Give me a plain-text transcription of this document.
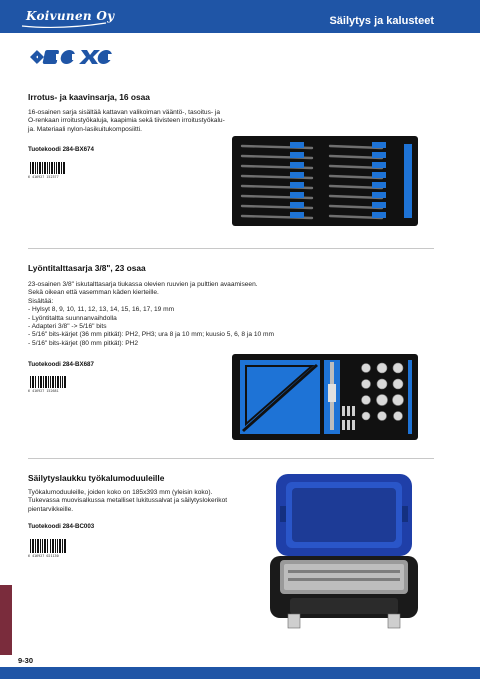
Koivunen Oy	Säilytys ja kalusteet
Irrotus- ja kaavinsarja, 16 osaa
16-osainen sarja sisältää kattavan valikoiman vääntö-, tasoitus- ja
O-renkaan irroitustyökaluja, kaapimia sekä tiivisteen irroitustyökalu-
ja. Materiaali nylon-lasikuitukomposiitti.
Tuotekoodi 284-BX674
6 416927 152377
Lyöntitalttasarja 3/8", 23 osaa
23-osainen 3/8" iskutalttasarja tiukassa olevien ruuvien ja pulttien avaamiseen.
Sekä oikean että vasemman käden kierteille.
Sisältää:
- Hylsyt 8, 9, 10, 11, 12, 13, 14, 15, 16, 17, 19 mm
- Lyöntitaltta suunnanvaihdolla
- Adapteri 3/8" -> 5/16" bits
- 5/16" bits-kärjet (36 mm pitkät): PH2, PH3; ura 8 ja 10 mm; kuusio 5, 6, 8 ja 10 mm
- 5/16" bits-kärjet (80 mm pitkät): PH2
Tuotekoodi 284-BX687
6 416927 152681
Säilytyslaukku työkalumoduuleille
Työkalumoduuleille, joiden koko on 185x393 mm (yleisin koko).
Tukevassa muovisalkussa metalliset lukitussalvat ja säilytyslokerikot
pientarvikkeille.
Tuotekoodi 284-BC003
6 416927 021130
9-30
